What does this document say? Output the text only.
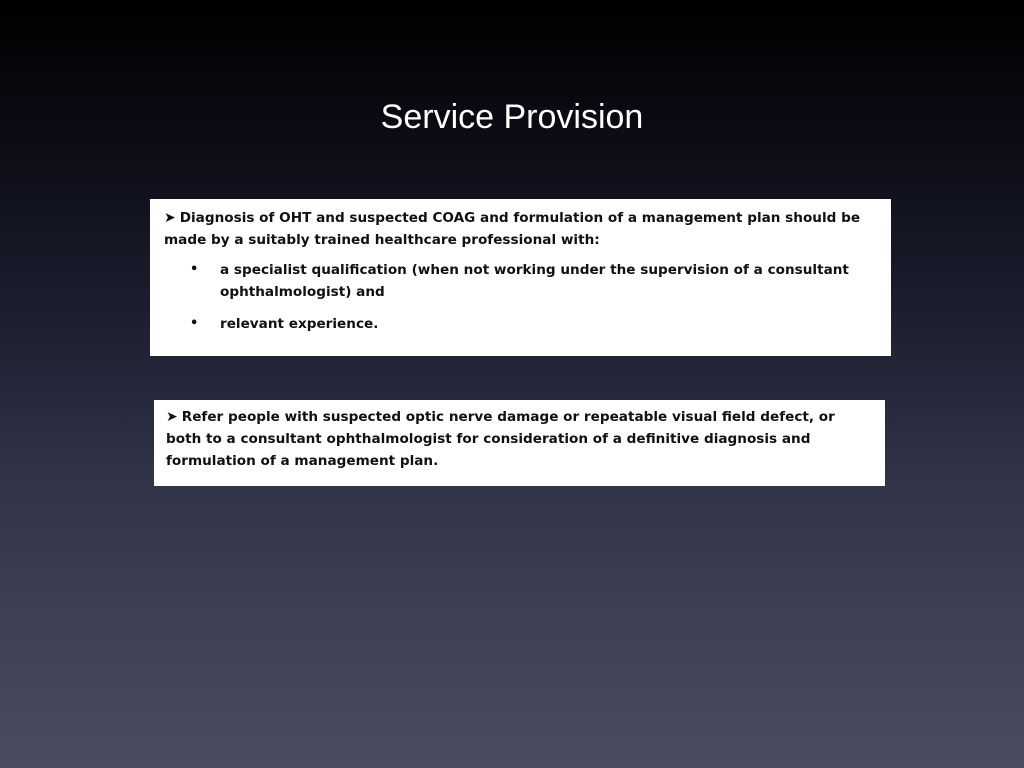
Service Provision

➤ Diagnosis of OHT and suspected COAG and formulation of a management plan should be made by a suitably trained healthcare professional with:

• a specialist qualification (when not working under the supervision of a consultant ophthalmologist) and
• relevant experience.

➤ Refer people with suspected optic nerve damage or repeatable visual field defect, or both to a consultant ophthalmologist for consideration of a definitive diagnosis and formulation of a management plan.
